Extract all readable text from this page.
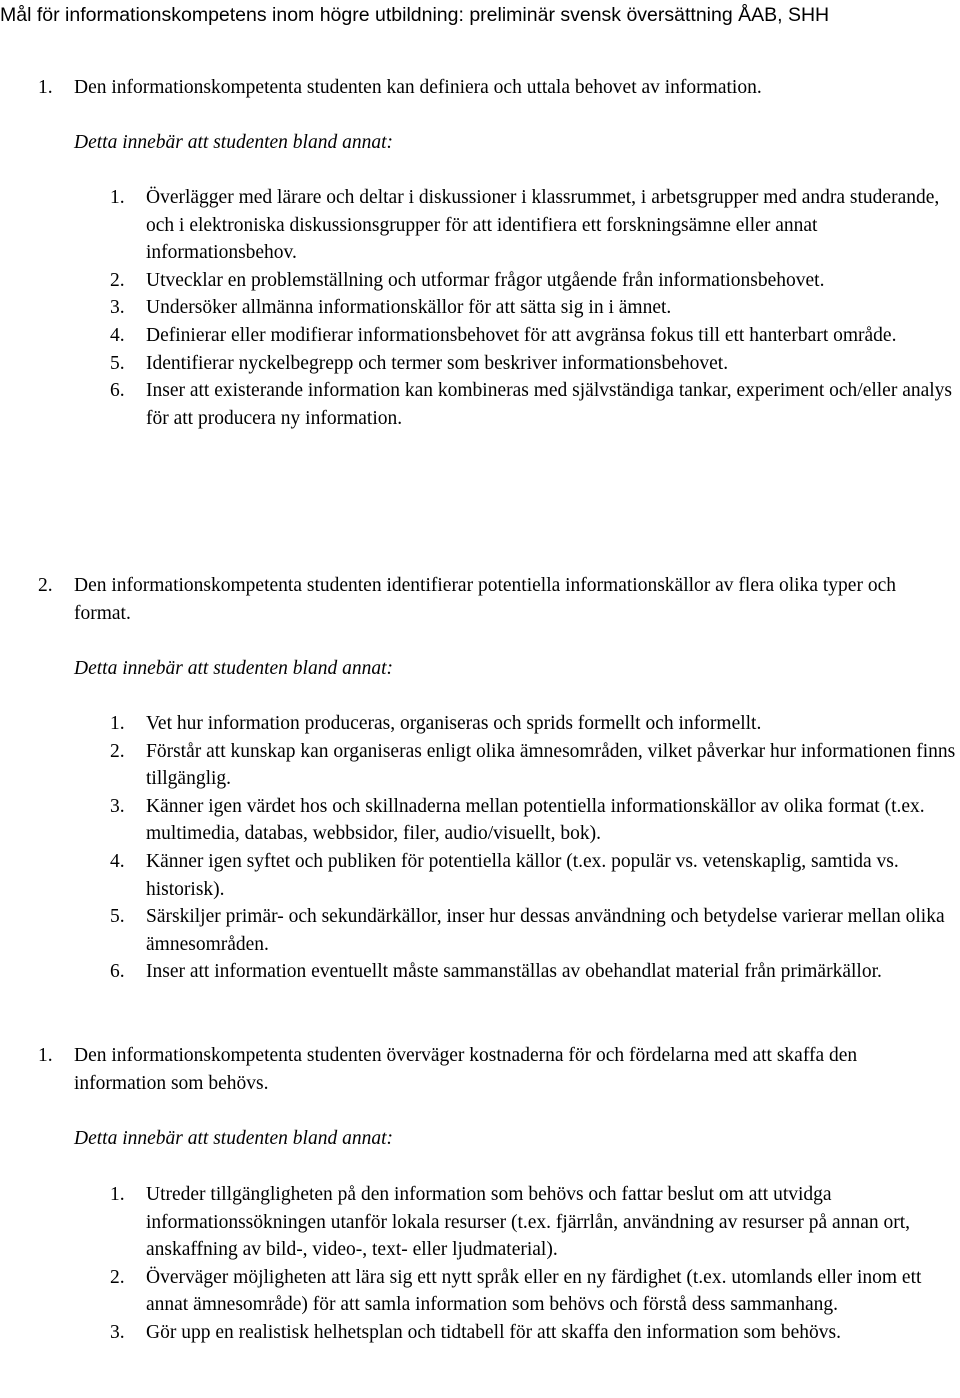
Mål för informationskompetens inom högre utbildning: preliminär svensk översättning ÅAB, SHH
1. Den informationskompetenta studenten kan definiera och uttala behovet av information.
Detta innebär att studenten bland annat:
1. Överlägger med lärare och deltar i diskussioner i klassrummet, i arbetsgrupper med andra studerande, och i elektroniska diskussionsgrupper för att identifiera ett forskningsämne eller annat informationsbehov.
2. Utvecklar en problemställning och utformar frågor utgående från informationsbehovet.
3. Undersöker allmänna informationskällor för att sätta sig in i ämnet.
4. Definierar eller modifierar informationsbehovet för att avgränsa fokus till ett hanterbart område.
5. Identifierar nyckelbegrepp och termer som beskriver informationsbehovet.
6. Inser att existerande information kan kombineras med självständiga tankar, experiment och/eller analys för att producera ny information.
2. Den informationskompetenta studenten identifierar potentiella informationskällor av flera olika typer och format.
Detta innebär att studenten bland annat:
1. Vet hur information produceras, organiseras och sprids formellt och informellt.
2. Förstår att kunskap kan organiseras enligt olika ämnesområden, vilket påverkar hur informationen finns tillgänglig.
3. Känner igen värdet hos och skillnaderna mellan potentiella informationskällor av olika format (t.ex. multimedia, databas, webbsidor, filer, audio/visuellt, bok).
4. Känner igen syftet och publiken för potentiella källor (t.ex. populär vs. vetenskaplig, samtida vs. historisk).
5. Särskiljer primär- och sekundärkällor, inser hur dessas användning och betydelse varierar mellan olika ämnesområden.
6. Inser att information eventuellt måste sammanställas av obehandlat material från primärkällor.
1. Den informationskompetenta studenten överväger kostnaderna för och fördelarna med att skaffa den information som behövs.
Detta innebär att studenten bland annat:
1. Utreder tillgängligheten på den information som behövs och fattar beslut om att utvidga informationssökningen utanför lokala resurser (t.ex. fjärrlån, användning av resurser på annan ort, anskaffning av bild-, video-, text- eller ljudmaterial).
2. Överväger möjligheten att lära sig ett nytt språk eller en ny färdighet (t.ex. utomlands eller inom ett annat ämnesområde) för att samla information som behövs och förstå dess sammanhang.
3. Gör upp en realistisk helhetsplan och tidtabell för att skaffa den information som behövs.
